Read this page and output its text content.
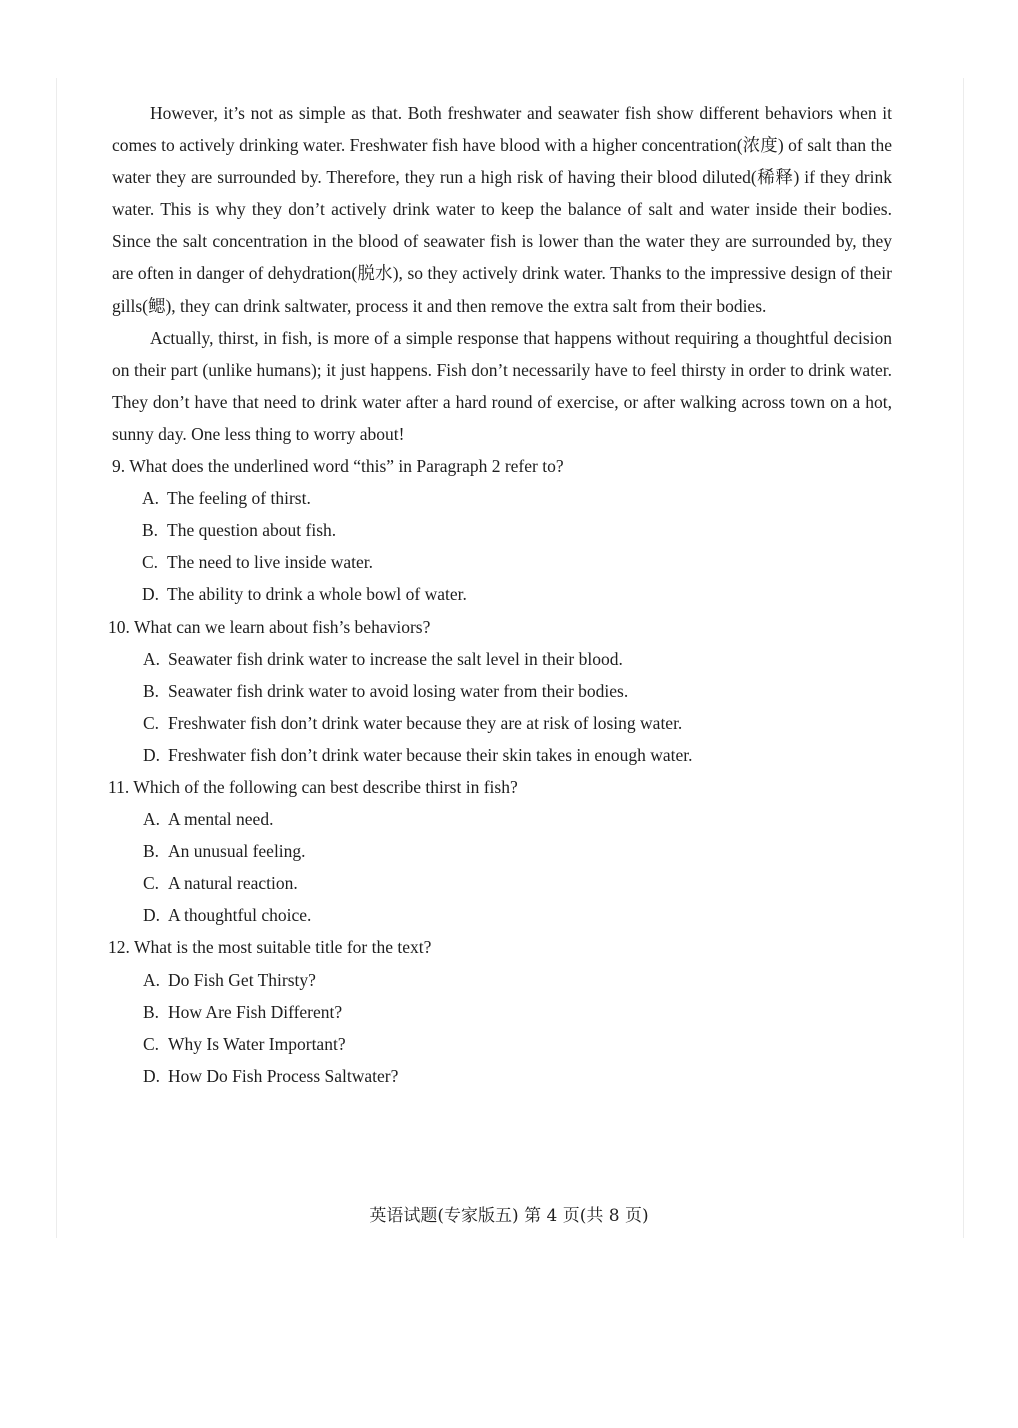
However, it’s not as simple as that. Both freshwater and seawater fish show different behaviors when it comes to actively drinking water. Freshwater fish have blood with a higher concentration(浓度) of salt than the water they are surrounded by. Therefore, they run a high risk of having their blood diluted(稀释) if they drink water. This is why they don’t actively drink water to keep the balance of salt and water inside their bodies. Since the salt concentration in the blood of seawater fish is lower than the water they are surrounded by, they are often in danger of dehydration(脱水), so they actively drink water. Thanks to the impressive design of their gills(鳃), they can drink saltwater, process it and then remove the extra salt from their bodies.

Actually, thirst, in fish, is more of a simple response that happens without requiring a thoughtful decision on their part (unlike humans); it just happens. Fish don’t necessarily have to feel thirsty in order to drink water. They don’t have that need to drink water after a hard round of exercise, or after walking across town on a hot, sunny day. One less thing to worry about!

9. What does the underlined word “this” in Paragraph 2 refer to?

A. The feeling of thirst.

B. The question about fish.

C. The need to live inside water.

D. The ability to drink a whole bowl of water.

10. What can we learn about fish’s behaviors?

A. Seawater fish drink water to increase the salt level in their blood.

B. Seawater fish drink water to avoid losing water from their bodies.

C. Freshwater fish don’t drink water because they are at risk of losing water.

D. Freshwater fish don’t drink water because their skin takes in enough water.

11. Which of the following can best describe thirst in fish?

A. A mental need.

B. An unusual feeling.

C. A natural reaction.

D. A thoughtful choice.

12. What is the most suitable title for the text?

A. Do Fish Get Thirsty?

B. How Are Fish Different?

C. Why Is Water Important?

D. How Do Fish Process Saltwater?

英语试题(专家版五) 第 4 页(共 8 页)
